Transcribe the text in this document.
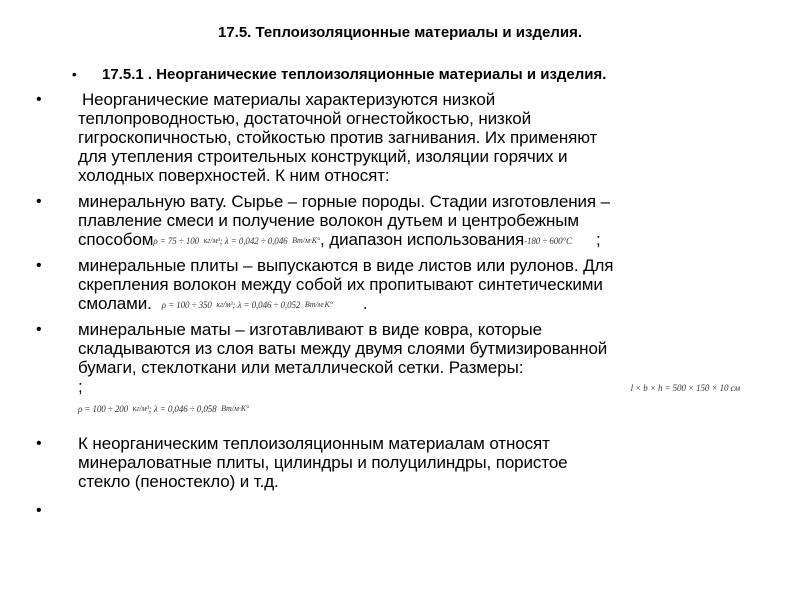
17.5. Теплоизоляционные материалы и изделия.
• 17.5.1 . Неорганические теплоизоляционные материалы и изделия.
• Неорганические материалы характеризуются низкой
теплопроводностью, достаточной огнестойкостью, низкой
гигроскопичностью, стойкостью против загнивания. Их применяют
для утепления строительных конструкций, изоляции горячих и
холодных поверхностей. К ним относят:
• минеральную вату. Сырье – горные породы. Стадии изготовления –
плавление смеси и получение волокон дутьем и центробежным
способомρ = 75 ÷ 100 кг/м³; λ = 0,042 ÷ 0,046 Вт/м·К°, диапазон использования-180 ÷ 600°C ;
• минеральные плиты – выпускаются в виде листов или рулонов. Для
скрепления волокон между собой их пропитывают синтетическими
смолами. ρ = 100 ÷ 350 кг/м³; λ = 0,046 ÷ 0,052 Вт/м·К° .
• минеральные маты – изготавливают в виде ковра, которые
складываются из слоя ваты между двумя слоями бутмизированной
бумаги, стеклоткани или металлической сетки. Размеры:
;	l × b × h = 500 × 150 × 10 см
ρ = 100 ÷ 200 кг/м³; λ = 0,046 ÷ 0,058 Вт/м·К°
• К неорганическим теплоизоляционным материалам относят
минераловатные плиты, цилиндры и полуцилиндры, пористое
стекло (пеностекло) и т.д.
•
